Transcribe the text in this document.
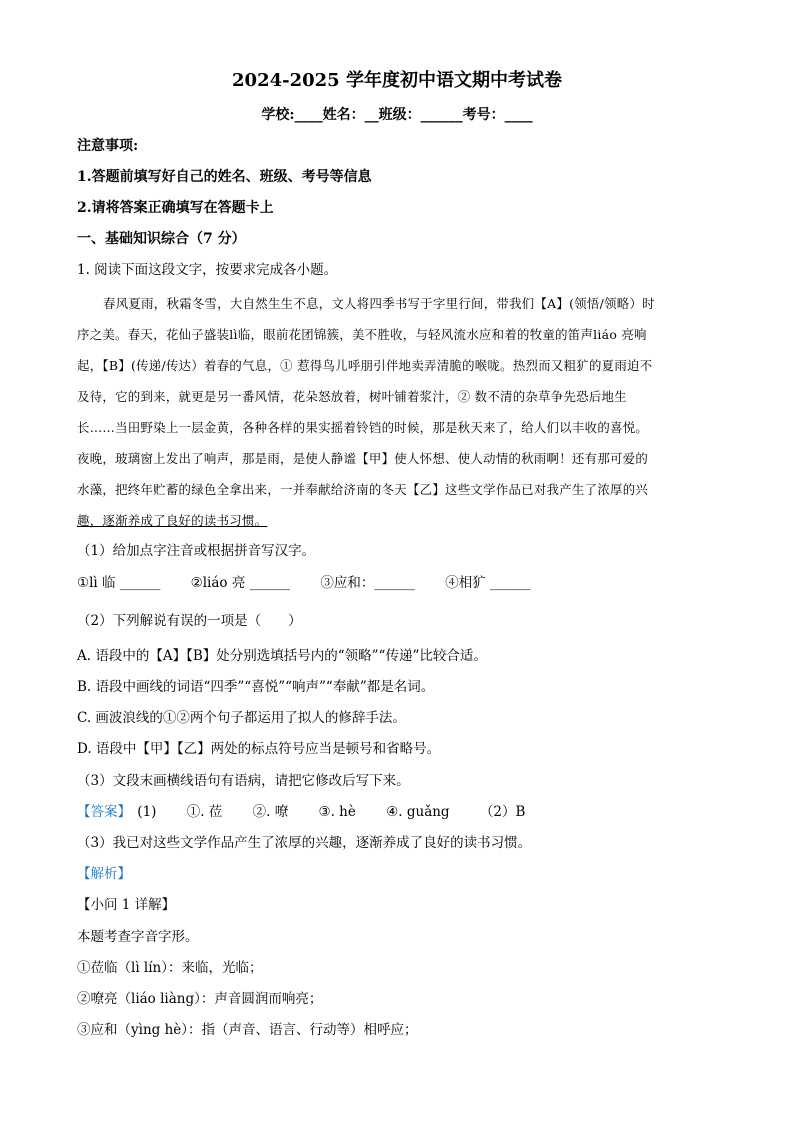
2024-2025 学年度初中语文期中考试卷
学校:____姓名：__班级：______考号：____
注意事项:
1.答题前填写好自己的姓名、班级、考号等信息
2.请将答案正确填写在答题卡上
一、基础知识综合（7 分）
1. 阅读下面这段文字，按要求完成各小题。
春风夏雨，秋霜冬雪，大自然生生不息，文人将四季书写于字里行间，带我们【A】(领悟/领略）时
序之美。春天，花仙子盛装lì临，眼前花团锦簇，美不胜收，与轻风流水应和着的牧童的笛声liáo 亮响
起，【B】(传递/传达）着春的气息，① 惹得鸟儿呼朋引伴地卖弄清脆的喉咙。热烈而又粗犷的夏雨迫不
及待，它的到来，就更是另一番风情，花朵怒放着，树叶铺着浆汁，② 数不清的杂草争先恐后地生
长……当田野染上一层金黄，各种各样的果实摇着铃铛的时候，那是秋天来了，给人们以丰收的喜悦。
夜晚，玻璃窗上发出了响声，那是雨，是使人静谧【甲】使人怀想、使人动情的秋雨啊！还有那可爱的
水藻，把终年贮蓄的绿色全拿出来，一并奉献给济南的冬天【乙】这些文学作品已对我产生了浓厚的兴
趣，逐渐养成了良好的读书习惯。
（1）给加点字注音或根据拼音写汉字。
①lì 临 ______ ②liáo 亮 ______ ③应和：______ ④相犷 ______
（2）下列解说有误的一项是（　　）
A. 语段中的【A】【B】处分别选填括号内的“领略”“传递”比较合适。
B. 语段中画线的词语“四季”“喜悦”“响声”“奉献”都是名词。
C. 画波浪线的①②两个句子都运用了拟人的修辞手法。
D. 语段中【甲】【乙】两处的标点符号应当是顿号和省略号。
（3）文段末画横线语句有语病，请把它修改后写下来。
【答案】 (1) ①. 莅 ②. 嘹 ③. hè ④. guǎng （2）B
（3）我已对这些文学作品产生了浓厚的兴趣，逐渐养成了良好的读书习惯。
【解析】
【小问 1 详解】
本题考查字音字形。
①莅临（lì lín）：来临，光临；
②嘹亮（liáo liàng）：声音圆润而响亮；
③应和（yìng hè）：指（声音、语言、行动等）相呼应；
